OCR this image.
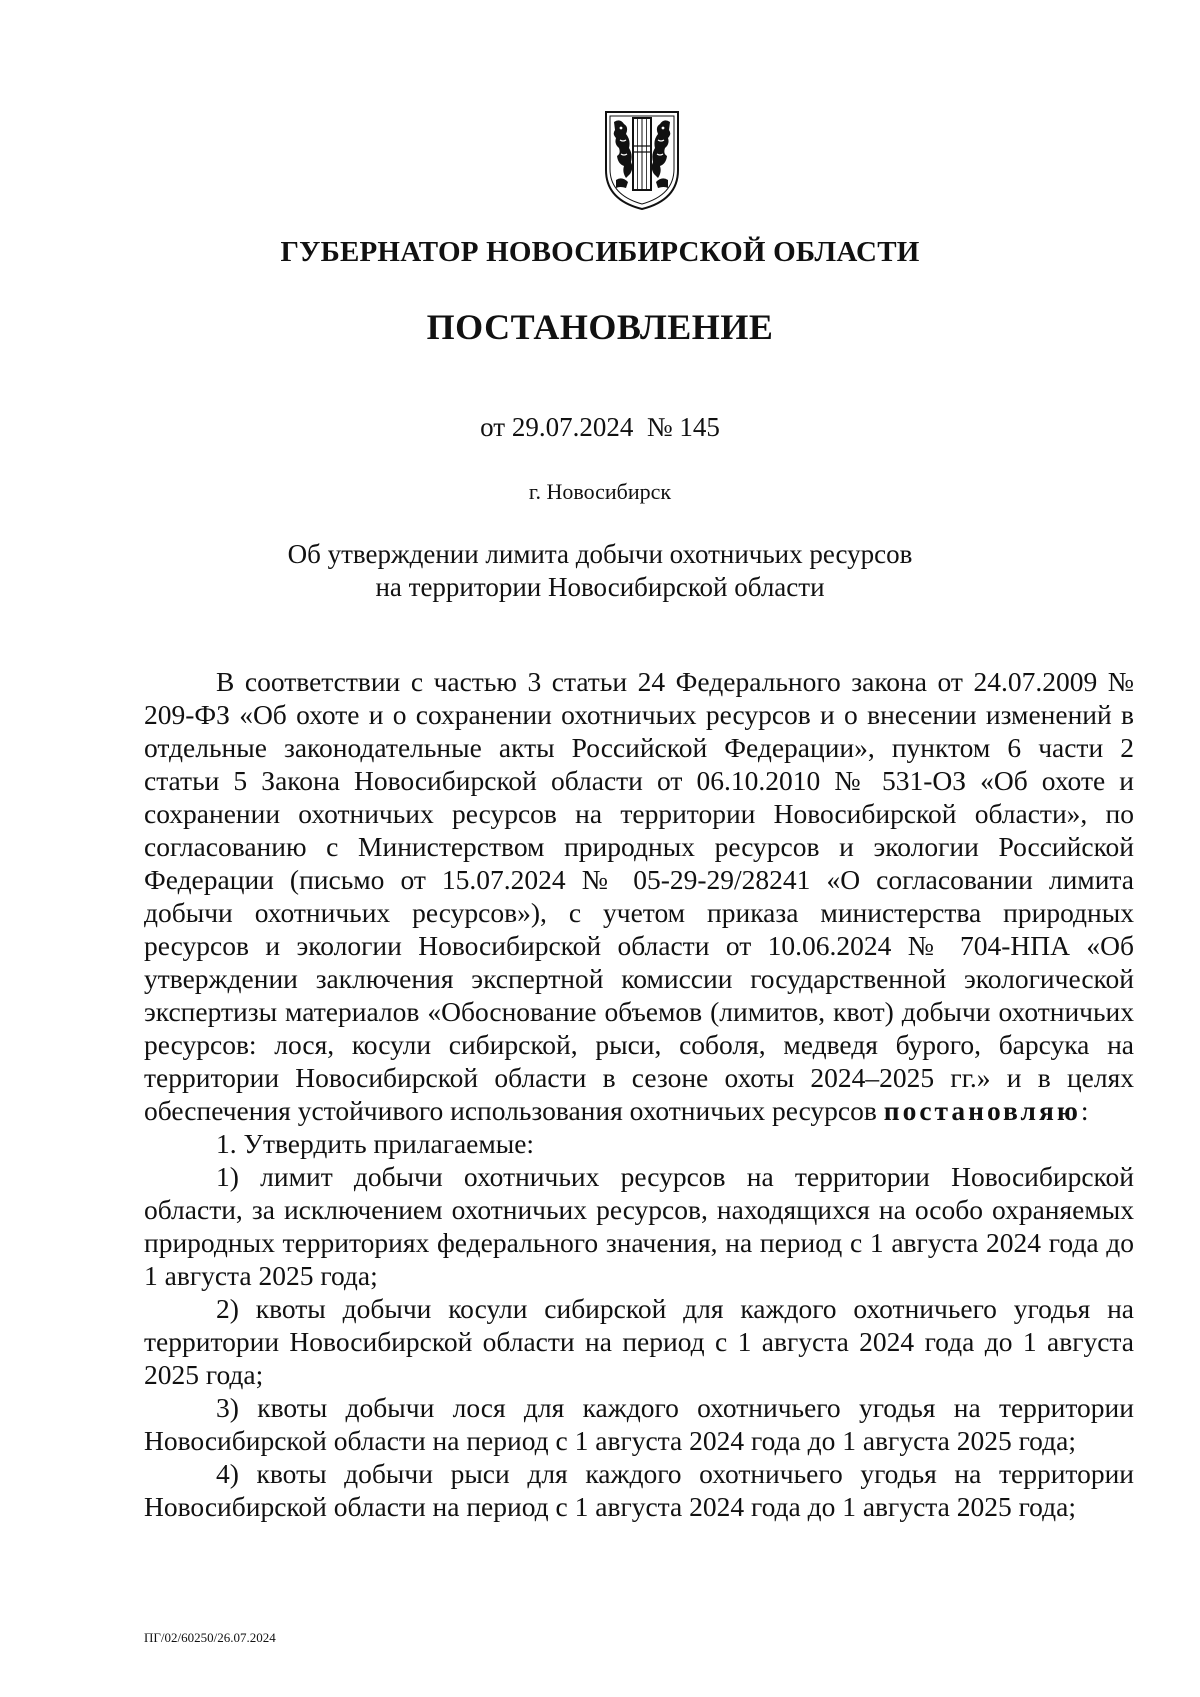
ГУБЕРНАТОР НОВОСИБИРСКОЙ ОБЛАСТИ
ПОСТАНОВЛЕНИЕ
от 29.07.2024 № 145
г. Новосибирск
Об утверждении лимита добычи охотничьих ресурсов
на территории Новосибирской области

В соответствии с частью 3 статьи 24 Федерального закона от 24.07.2009 № 209-ФЗ «Об охоте и о сохранении охотничьих ресурсов и о внесении изменений в отдельные законодательные акты Российской Федерации», пунктом 6 части 2 статьи 5 Закона Новосибирской области от 06.10.2010 № 531-ОЗ «Об охоте и сохранении охотничьих ресурсов на территории Новосибирской области», по согласованию с Министерством природных ресурсов и экологии Российской Федерации (письмо от 15.07.2024 № 05-29-29/28241 «О согласовании лимита добычи охотничьих ресурсов»), с учетом приказа министерства природных ресурсов и экологии Новосибирской области от 10.06.2024 № 704-НПА «Об утверждении заключения экспертной комиссии государственной экологической экспертизы материалов «Обоснование объемов (лимитов, квот) добычи охотничьих ресурсов: лося, косули сибирской, рыси, соболя, медведя бурого, барсука на территории Новосибирской области в сезоне охоты 2024–2025 гг.» и в целях обеспечения устойчивого использования охотничьих ресурсов постановляю:

1. Утвердить прилагаемые:

1) лимит добычи охотничьих ресурсов на территории Новосибирской области, за исключением охотничьих ресурсов, находящихся на особо охраняемых природных территориях федерального значения, на период с 1 августа 2024 года до 1 августа 2025 года;

2) квоты добычи косули сибирской для каждого охотничьего угодья на территории Новосибирской области на период с 1 августа 2024 года до 1 августа 2025 года;

3) квоты добычи лося для каждого охотничьего угодья на территории Новосибирской области на период с 1 августа 2024 года до 1 августа 2025 года;

4) квоты добычи рыси для каждого охотничьего угодья на территории Новосибирской области на период с 1 августа 2024 года до 1 августа 2025 года;

ПГ/02/60250/26.07.2024
